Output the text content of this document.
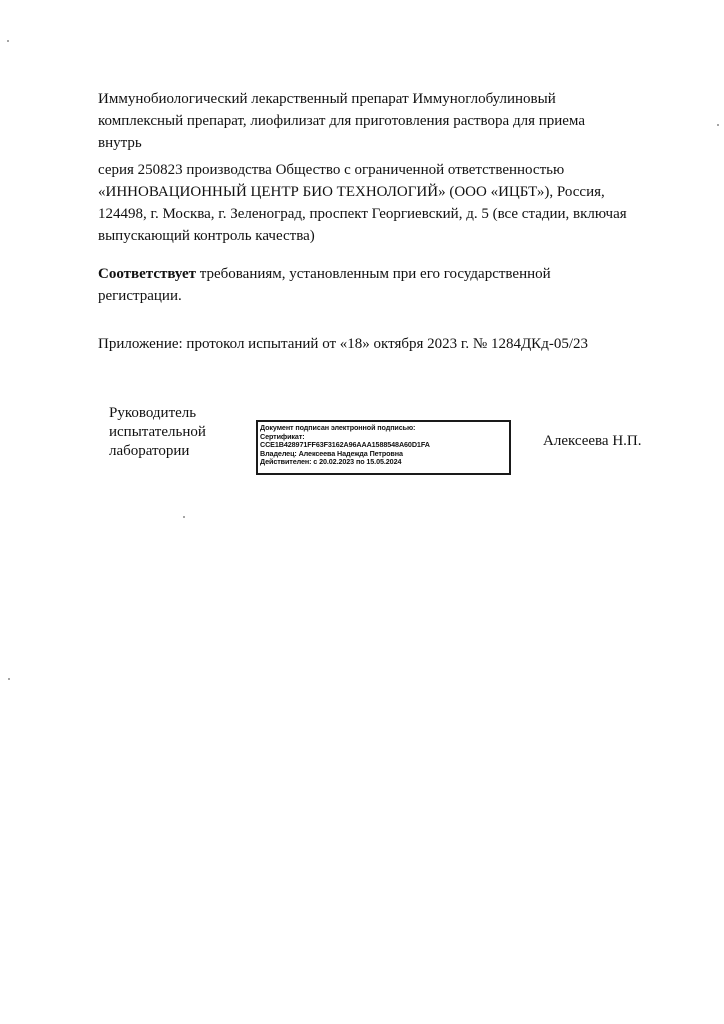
Иммунобиологический лекарственный препарат Иммуноглобулиновый
комплексный препарат, лиофилизат для приготовления раствора для приема
внутрь
серия 250823 производства Общество с ограниченной ответственностью
«ИННОВАЦИОННЫЙ ЦЕНТР БИО ТЕХНОЛОГИЙ» (ООО «ИЦБТ»), Россия,
124498, г. Москва, г. Зеленоград, проспект Георгиевский, д. 5 (все стадии, включая
выпускающий контроль качества)
Соответствует требованиям, установленным при его государственной
регистрации.
Приложение: протокол испытаний от «18» октября 2023 г. № 1284ДКд-05/23
Руководитель
испытательной
лаборатории
Документ подписан электронной подписью:
Сертификат:
CCE1B428971FF63F3162A96AAA1588548A60D1FA
Владелец: Алексеева Надежда Петровна
Действителен: с 20.02.2023 по 15.05.2024
Алексеева Н.П.
